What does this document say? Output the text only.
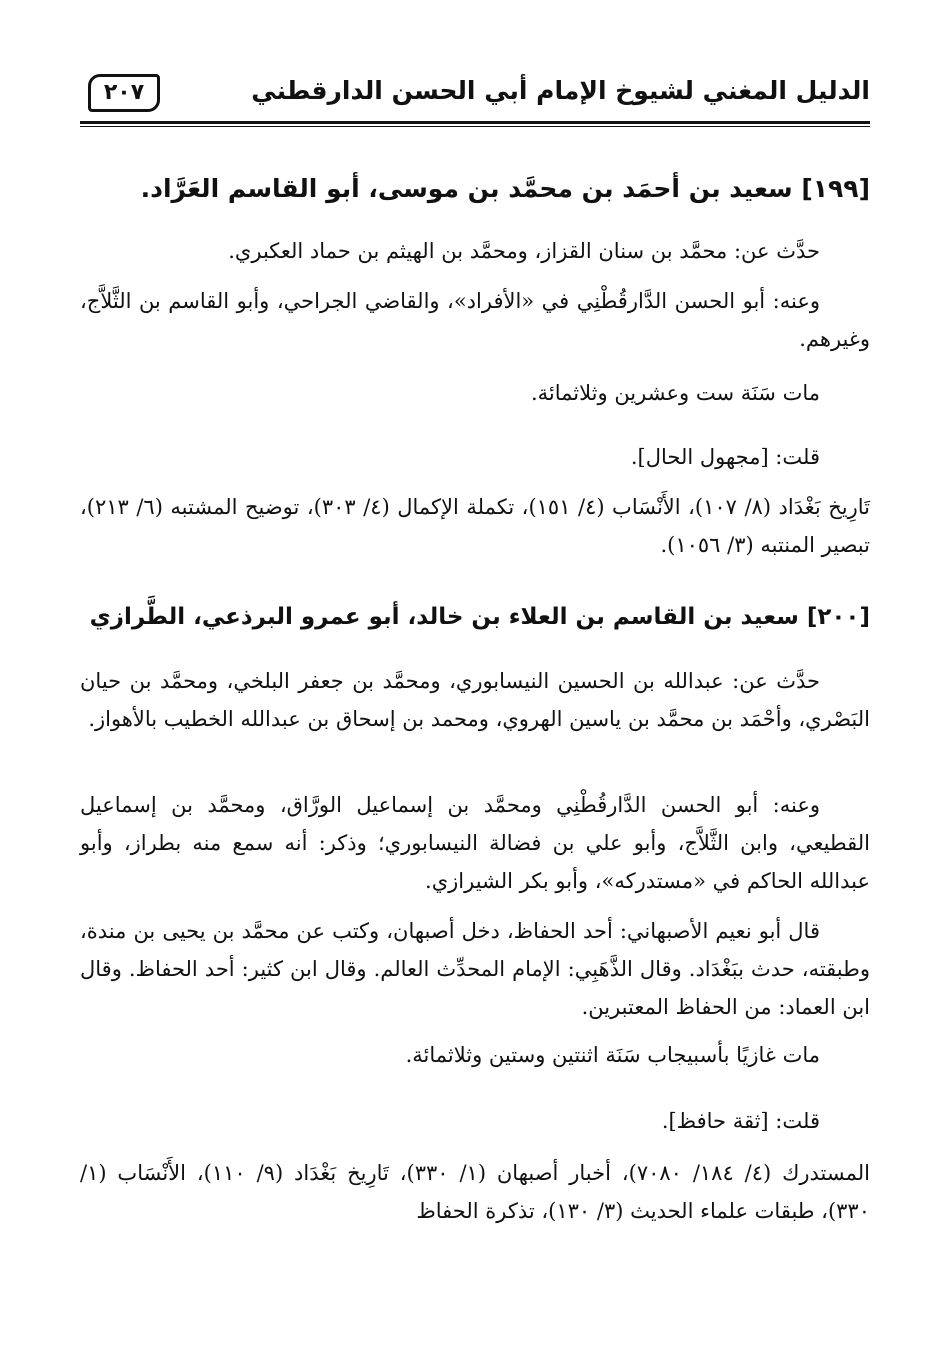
الدليل المغني لشيوخ الإمام أبي الحسن الدارقطني
٢٠٧
[١٩٩] سعيد بن أحمَد بن محمَّد بن موسى، أبو القاسم العَرَّاد.

حدَّث عن: محمَّد بن سنان القزاز، ومحمَّد بن الهيثم بن حماد العكبري.

وعنه: أبو الحسن الدَّارقُطْنِي في «الأفراد»، والقاضي الجراحي، وأبو القاسم بن الثَّلاَّج، وغيرهم.

مات سَنَة ست وعشرين وثلاثمائة.

قلت: [مجهول الحال].

تَارِيخ بَغْدَاد (٨/ ١٠٧)، الأَنْسَاب (٤/ ١٥١)، تكملة الإكمال (٤/ ٣٠٣)، توضيح المشتبه (٦/ ٢١٣)، تبصير المنتبه (٣/ ١٠٥٦).

[٢٠٠] سعيد بن القاسم بن العلاء بن خالد، أبو عمرو البرذعي، الطَّرازي

حدَّث عن: عبدالله بن الحسين النيسابوري، ومحمَّد بن جعفر البلخي، ومحمَّد بن حيان البَصْري، وأحْمَد بن محمَّد بن ياسين الهروي، ومحمد بن إسحاق بن عبدالله الخطيب بالأهواز.

وعنه: أبو الحسن الدَّارقُطْنِي ومحمَّد بن إسماعيل الورَّاق، ومحمَّد بن إسماعيل القطيعي، وابن الثَّلاَّج، وأبو علي بن فضالة النيسابوري؛ وذكر: أنه سمع منه بطراز، وأبو عبدالله الحاكم في «مستدركه»، وأبو بكر الشيرازي.

قال أبو نعيم الأصبهاني: أحد الحفاظ، دخل أصبهان، وكتب عن محمَّد بن يحيى بن مندة، وطبقته، حدث ببَغْدَاد. وقال الذَّهَبِي: الإمام المحدِّث العالم. وقال ابن كثير: أحد الحفاظ. وقال ابن العماد: من الحفاظ المعتبرين.

مات غازيًا بأسبيجاب سَنَة اثنتين وستين وثلاثمائة.

قلت: [ثقة حافظ].

المستدرك (٤/ ١٨٤/ ٧٠٨٠)، أخبار أصبهان (١/ ٣٣٠)، تَارِيخ بَغْدَاد (٩/ ١١٠)، الأَنْسَاب (١/ ٣٣٠)، طبقات علماء الحديث (٣/ ١٣٠)، تذكرة الحفاظ
